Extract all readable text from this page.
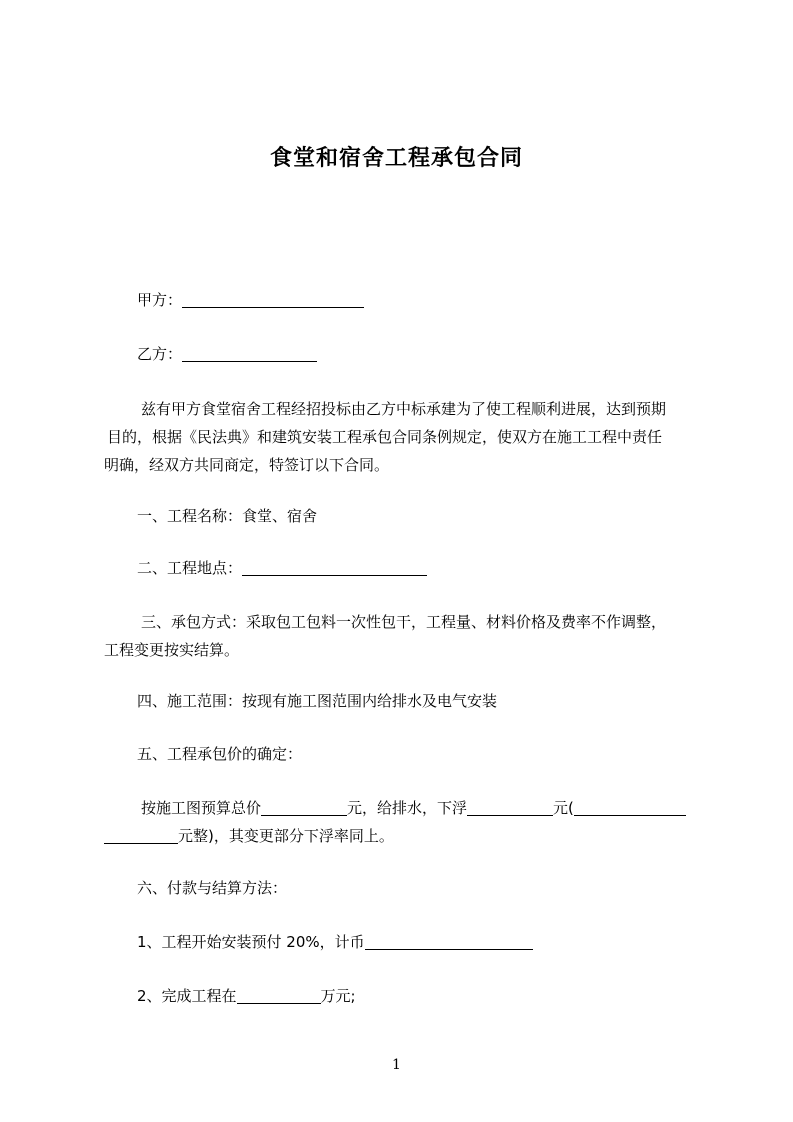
食堂和宿舍工程承包合同
甲方：
乙方：
兹有甲方食堂宿舍工程经招投标由乙方中标承建为了使工程顺利进展，达到预期
目的，根据《民法典》和建筑安装工程承包合同条例规定，使双方在施工工程中责任
明确，经双方共同商定，特签订以下合同。
一、工程名称：食堂、宿舍
二、工程地点：
三、承包方式：采取包工包料一次性包干，工程量、材料价格及费率不作调整，
工程变更按实结算。
四、施工范围：按现有施工图范围内给排水及电气安装
五、工程承包价的确定：
按施工图预算总价	元，给排水，下浮	元(
元整)，其变更部分下浮率同上。
六、付款与结算方法：
1、工程开始安装预付 20%，计币
2、完成工程在	万元;
1
